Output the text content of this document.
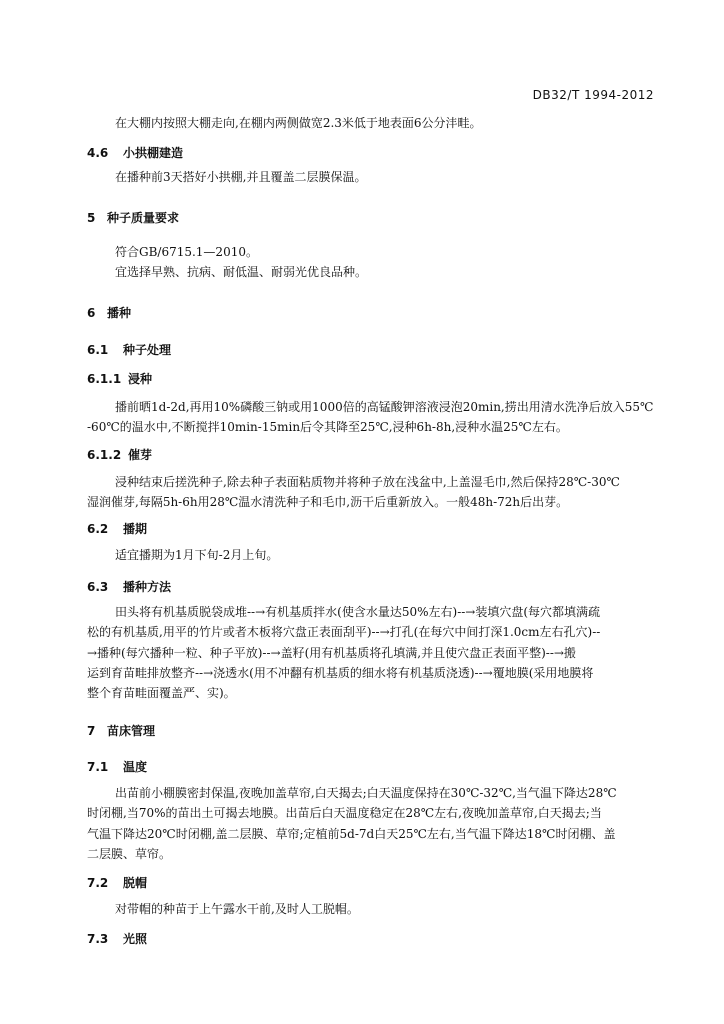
DB32/T 1994-2012
在大棚内按照大棚走向,在棚内两侧做宽2.3米低于地表面6公分沣畦。
4.6 小拱棚建造
在播种前3天搭好小拱棚,并且覆盖二层膜保温。
5 种子质量要求
符合GB/6715.1—2010。
宜选择早熟、抗病、耐低温、耐弱光优良品种。
6 播种
6.1 种子处理
6.1.1 浸种
播前晒1d-2d,再用10%磷酸三钠或用1000倍的高锰酸钾溶液浸泡20min,捞出用清水洗净后放入55℃
-60℃的温水中,不断搅拌10min-15min后令其降至25℃,浸种6h-8h,浸种水温25℃左右。
6.1.2 催芽
浸种结束后搓洗种子,除去种子表面粘质物并将种子放在浅盆中,上盖湿毛巾,然后保持28℃-30℃
湿润催芽,每隔5h-6h用28℃温水清洗种子和毛巾,沥干后重新放入。一般48h-72h后出芽。
6.2 播期
适宜播期为1月下旬-2月上旬。
6.3 播种方法
田头将有机基质脱袋成堆--→有机基质拌水(使含水量达50%左右)--→装填穴盘(每穴都填满疏
松的有机基质,用平的竹片或者木板将穴盘正表面刮平)--→打孔(在每穴中间打深1.0cm左右孔穴)--
→播种(每穴播种一粒、种子平放)--→盖籽(用有机基质将孔填满,并且使穴盘正表面平整)--→搬
运到育苗畦排放整齐--→浇透水(用不冲翻有机基质的细水将有机基质浇透)--→覆地膜(采用地膜将
整个育苗畦面覆盖严、实)。
7 苗床管理
7.1 温度
出苗前小棚膜密封保温,夜晚加盖草帘,白天揭去;白天温度保持在30℃-32℃,当气温下降达28℃
时闭棚,当70%的苗出土可揭去地膜。出苗后白天温度稳定在28℃左右,夜晚加盖草帘,白天揭去;当
气温下降达20℃时闭棚,盖二层膜、草帘;定植前5d-7d白天25℃左右,当气温下降达18℃时闭棚、盖
二层膜、草帘。
7.2 脱帽
对带帽的种苗于上午露水干前,及时人工脱帽。
7.3 光照
